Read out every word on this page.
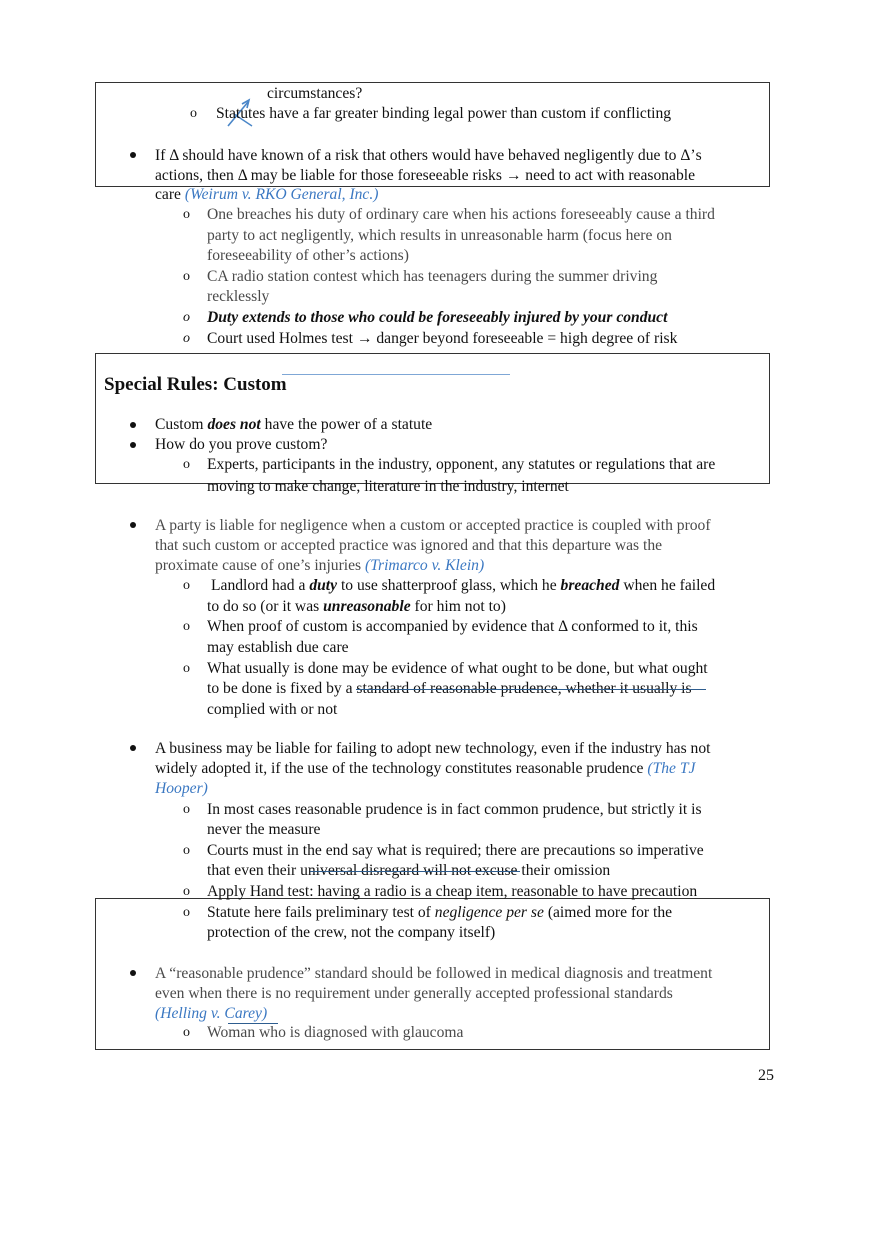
circumstances?
o Statutes have a far greater binding legal power than custom if conflicting
If Δ should have known of a risk that others would have behaved negligently due to Δ’s
actions, then Δ may be liable for those foreseeable risks → need to act with reasonable
care (Weirum v. RKO General, Inc.)
o One breaches his duty of ordinary care when his actions foreseeably cause a third
party to act negligently, which results in unreasonable harm (focus here on
foreseeability of other’s actions)
o CA radio station contest which has teenagers during the summer driving
recklessly
o Duty extends to those who could be foreseeably injured by your conduct
o Court used Holmes test → danger beyond foreseeable = high degree of risk
Special Rules: Custom
Custom does not have the power of a statute
How do you prove custom?
o Experts, participants in the industry, opponent, any statutes or regulations that are
moving to make change, literature in the industry, internet
A party is liable for negligence when a custom or accepted practice is coupled with proof
that such custom or accepted practice was ignored and that this departure was the
proximate cause of one’s injuries (Trimarco v. Klein)
o Landlord had a duty to use shatterproof glass, which he breached when he failed
to do so (or it was unreasonable for him not to)
o When proof of custom is accompanied by evidence that Δ conformed to it, this
may establish due care
o What usually is done may be evidence of what ought to be done, but what ought
to be done is fixed by a standard of reasonable prudence, whether it usually is
complied with or not
A business may be liable for failing to adopt new technology, even if the industry has not
widely adopted it, if the use of the technology constitutes reasonable prudence (The TJ
Hooper)
o In most cases reasonable prudence is in fact common prudence, but strictly it is
never the measure
o Courts must in the end say what is required; there are precautions so imperative
that even their universal disregard will not excuse their omission
o Apply Hand test: having a radio is a cheap item, reasonable to have precaution
o Statute here fails preliminary test of negligence per se (aimed more for the
protection of the crew, not the company itself)
A “reasonable prudence” standard should be followed in medical diagnosis and treatment
even when there is no requirement under generally accepted professional standards
(Helling v. Carey)
o Woman who is diagnosed with glaucoma
25
